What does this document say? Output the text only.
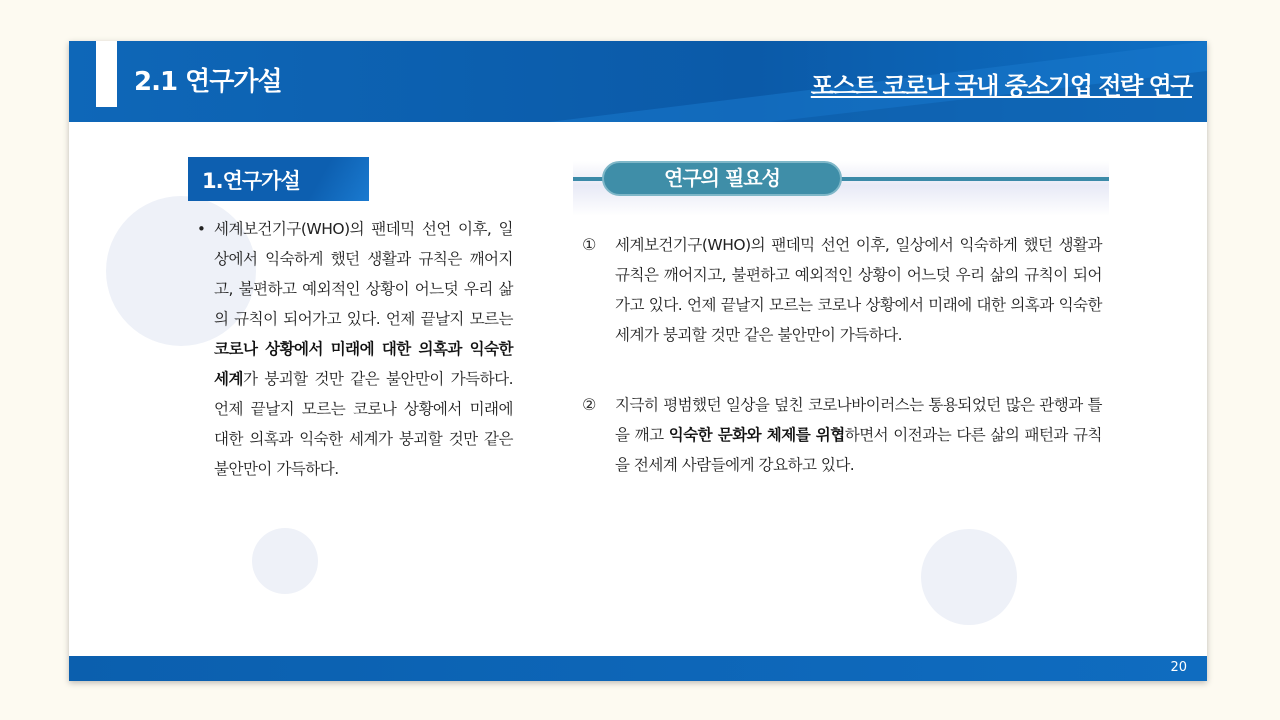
2.1 연구가설	포스트 코로나 국내 중소기업 전략 연구
1.연구가설
• 세계보건기구(WHO)의 팬데믹 선언 이후, 일상에서 익숙하게 했던 생활과 규칙은 깨어지고, 불편하고 예외적인 상황이 어느덧 우리 삶의 규칙이 되어가고 있다. 언제 끝날지 모르는 코로나 상황에서 미래에 대한 의혹과 익숙한 세계가 붕괴할 것만 같은 불안만이 가득하다. 언제 끝날지 모르는 코로나 상황에서 미래에 대한 의혹과 익숙한 세계가 붕괴할 것만 같은 불안만이 가득하다.
연구의 필요성
① 세계보건기구(WHO)의 팬데믹 선언 이후, 일상에서 익숙하게 했던 생활과 규칙은 깨어지고, 불편하고 예외적인 상황이 어느덧 우리 삶의 규칙이 되어가고 있다. 언제 끝날지 모르는 코로나 상황에서 미래에 대한 의혹과 익숙한 세계가 붕괴할 것만 같은 불안만이 가득하다.
② 지극히 평범했던 일상을 덮친 코로나바이러스는 통용되었던 많은 관행과 틀을 깨고 익숙한 문화와 체제를 위협하면서 이전과는 다른 삶의 패턴과 규칙을 전세계 사람들에게 강요하고 있다.
20
